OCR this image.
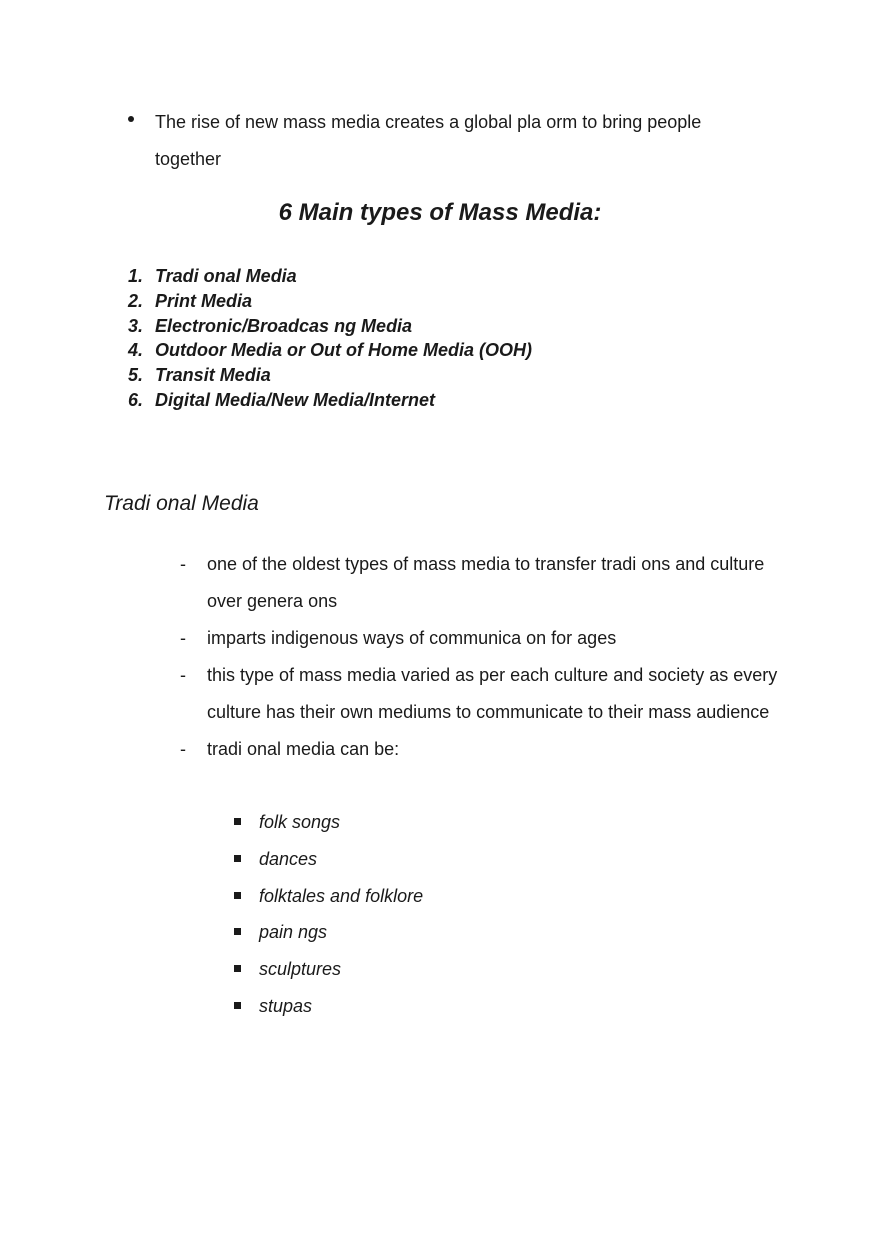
The rise of new mass media creates a global pla orm to bring people together
6 Main types of Mass Media:
1. Tradi onal Media
2. Print Media
3. Electronic/Broadcas ng Media
4. Outdoor Media or Out of Home Media (OOH)
5. Transit Media
6. Digital Media/New Media/Internet
Tradi onal Media
- one of the oldest types of mass media to transfer tradi ons and culture over genera ons
- imparts indigenous ways of communica on for ages
- this type of mass media varied as per each culture and society as every culture has their own mediums to communicate to their mass audience
- tradi onal media can be:
folk songs
dances
folktales and folklore
pain ngs
sculptures
stupas
